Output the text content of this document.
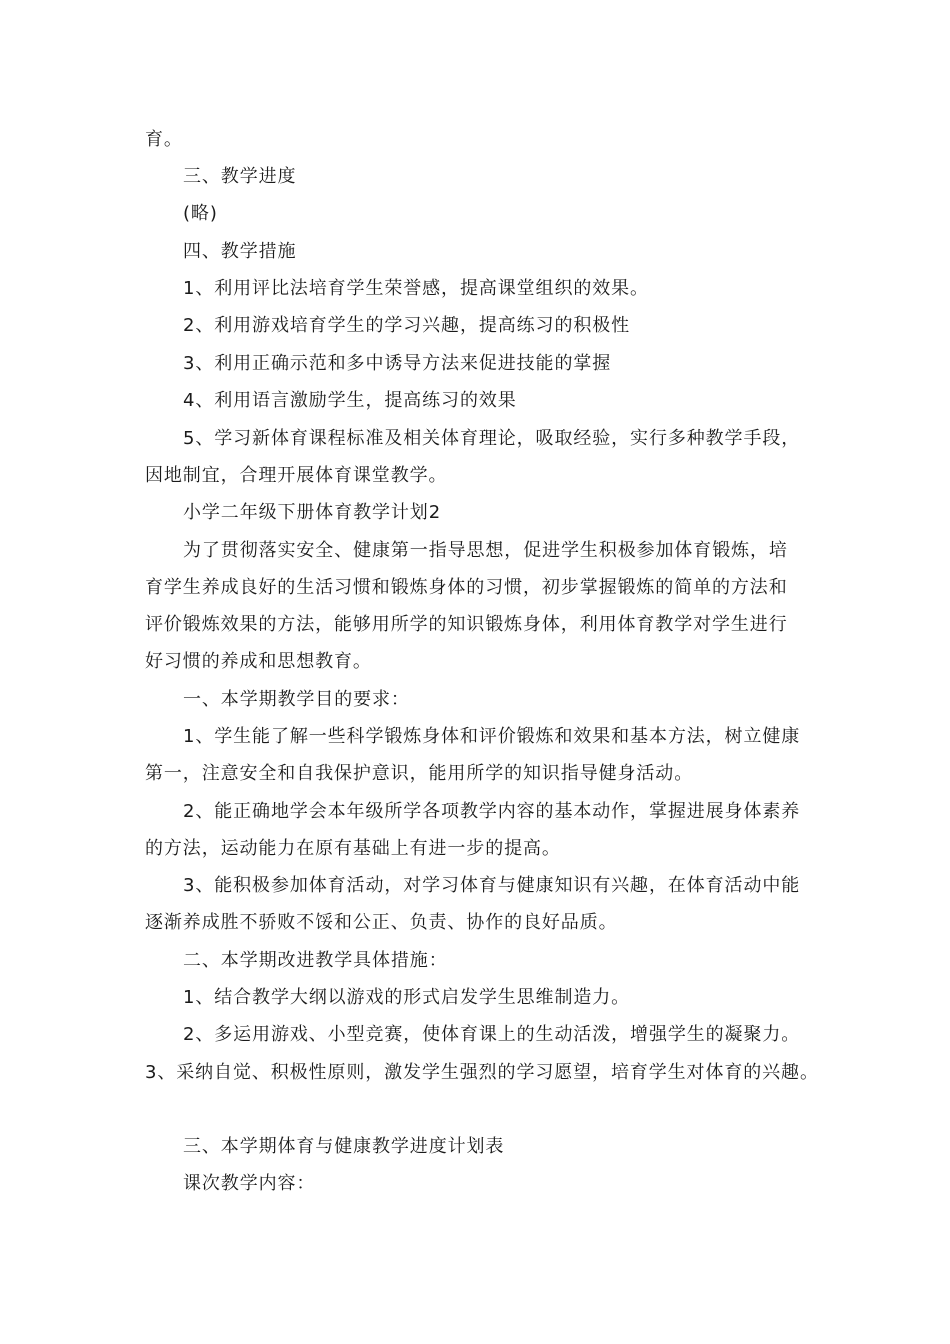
育。
三、教学进度
(略)
四、教学措施
1、利用评比法培育学生荣誉感，提高课堂组织的效果。
2、利用游戏培育学生的学习兴趣，提高练习的积极性
3、利用正确示范和多中诱导方法来促进技能的掌握
4、利用语言激励学生，提高练习的效果
5、学习新体育课程标准及相关体育理论，吸取经验，实行多种教学手段，
因地制宜，合理开展体育课堂教学。
小学二年级下册体育教学计划2
为了贯彻落实安全、健康第一指导思想，促进学生积极参加体育锻炼，培
育学生养成良好的生活习惯和锻炼身体的习惯，初步掌握锻炼的简单的方法和
评价锻炼效果的方法，能够用所学的知识锻炼身体，利用体育教学对学生进行
好习惯的养成和思想教育。
一、本学期教学目的要求：
1、学生能了解一些科学锻炼身体和评价锻炼和效果和基本方法，树立健康
第一，注意安全和自我保护意识，能用所学的知识指导健身活动。
2、能正确地学会本年级所学各项教学内容的基本动作，掌握进展身体素养
的方法，运动能力在原有基础上有进一步的提高。
3、能积极参加体育活动，对学习体育与健康知识有兴趣，在体育活动中能
逐渐养成胜不骄败不馁和公正、负责、协作的良好品质。
二、本学期改进教学具体措施：
1、结合教学大纲以游戏的形式启发学生思维制造力。
2、多运用游戏、小型竞赛，使体育课上的生动活泼，增强学生的凝聚力。
3、采纳自觉、积极性原则，激发学生强烈的学习愿望，培育学生对体育的兴趣。
三、本学期体育与健康教学进度计划表
课次教学内容：
